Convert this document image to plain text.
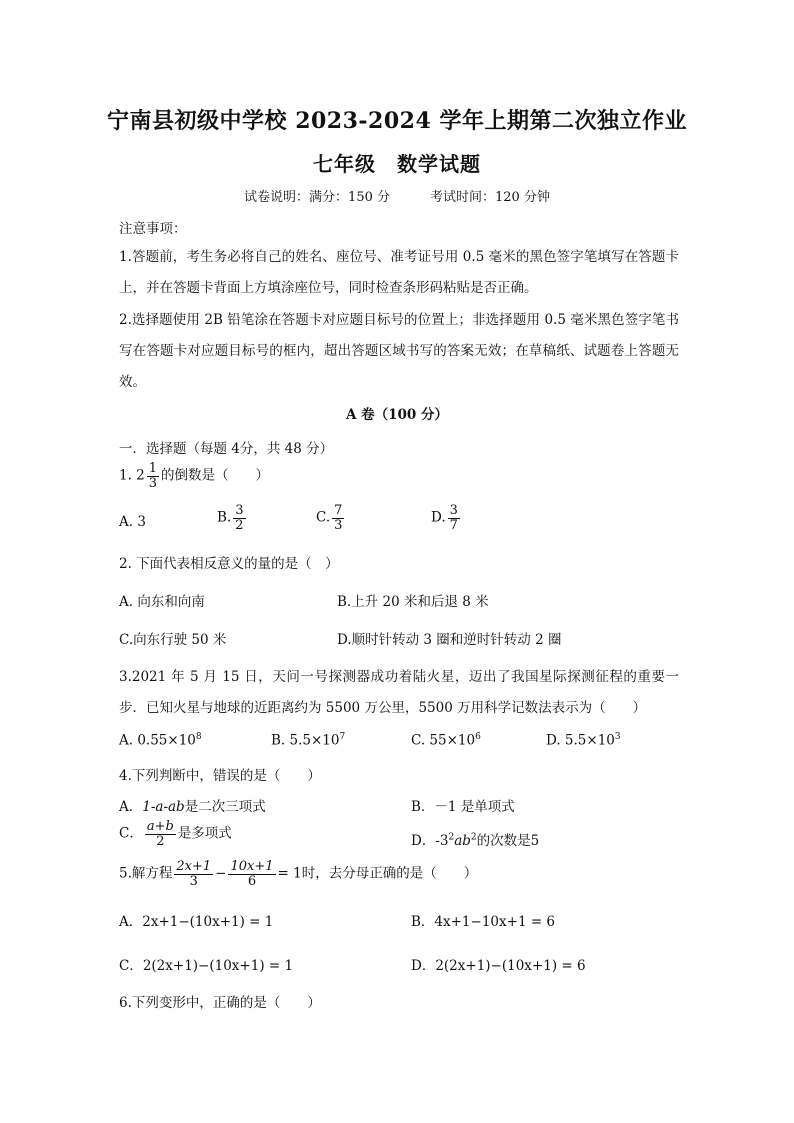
宁南县初级中学校 2023-2024 学年上期第二次独立作业
七年级　数学试题
试卷说明：满分：150 分	考试时间：120 分钟
注意事项：
1.答题前，考生务必将自己的姓名、座位号、准考证号用 0.5 毫米的黑色签字笔填写在答题卡上，并在答题卡背面上方填涂座位号，同时检查条形码粘贴是否正确。
2.选择题使用 2B 铅笔涂在答题卡对应题目标号的位置上；非选择题用 0.5 毫米黑色签字笔书写在答题卡对应题目标号的框内，超出答题区域书写的答案无效；在草稿纸、试题卷上答题无效。
A 卷（100 分）
一．选择题（每题 4分，共 48 分）
1. $2 \frac{1}{3}$ 的倒数是（　　）
A. 3	B. $\frac{3}{2}$	C. $\frac{7}{3}$	D. $\frac{3}{7}$
2. 下面代表相反意义的量的是（　）
A. 向东和向南	B.上升 20 米和后退 8 米
C.向东行驶 50 米	D.顺时针转动 3 圈和逆时针转动 2 圈
3.2021 年 5 月 15 日，天问一号探测器成功着陆火星，迈出了我国星际探测征程的重要一步．已知火星与地球的近距离约为 5500 万公里，5500 万用科学记数法表示为（　　）
A. $0.55\times 10^8$	B. $5.5\times 10^7$	C. $55\times 10^6$	D. $5.5\times 10^3$
4.下列判断中，错误的是（　　）
A．1-a-ab是二次三项式	B．－1 是单项式
C． $\frac{a+b}{2}$ 是多项式	D．$-3^2ab^2$的次数是5
5.解方程 $\frac{2x+1}{3} - \frac{10x+1}{6} = 1$时，去分母正确的是（　　）
A．2x+1−(10x+1) = 1	B．4x+1−10x+1 = 6
C．2(2x+1)−(10x+1) = 1	D．2(2x+1)−(10x+1) = 6
6.下列变形中，正确的是（　　）
